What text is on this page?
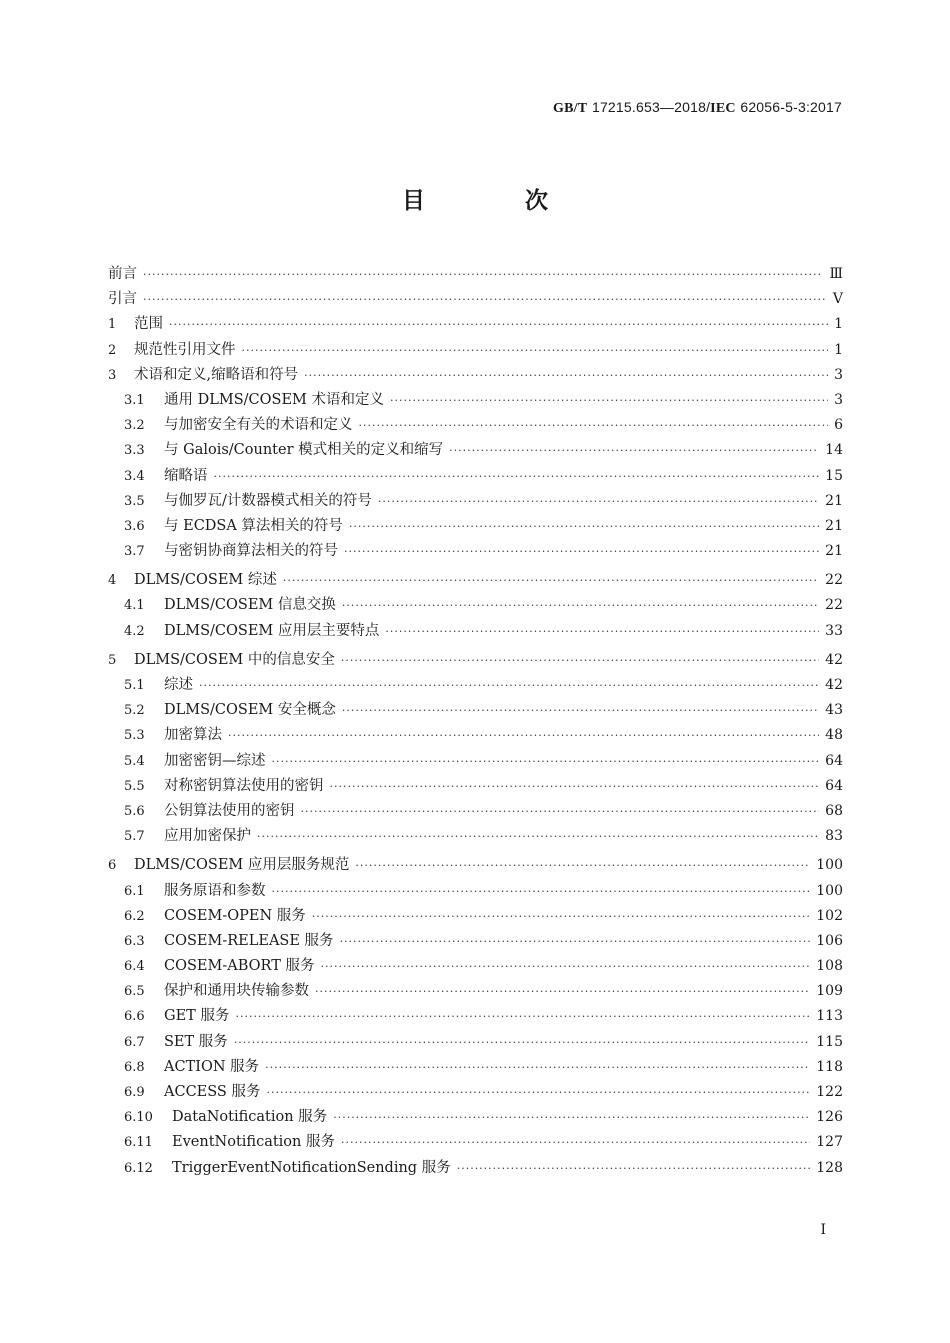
GB/T 17215.653—2018/IEC 62056-5-3:2017
目 次
前言 ·····	Ⅲ
引言 ·····	Ⅴ
1	范围 ·····	1
2	规范性引用文件 ·····	1
3	术语和定义,缩略语和符号 ·····	3
3.1	通用 DLMS/COSEM 术语和定义 ·····	3
3.2	与加密安全有关的术语和定义 ·····	6
3.3	与 Galois/Counter 模式相关的定义和缩写 ·····	14
3.4	缩略语 ·····	15
3.5	与伽罗瓦/计数器模式相关的符号 ·····	21
3.6	与 ECDSA 算法相关的符号 ·····	21
3.7	与密钥协商算法相关的符号 ·····	21
4	DLMS/COSEM 综述 ·····	22
4.1	DLMS/COSEM 信息交换 ·····	22
4.2	DLMS/COSEM 应用层主要特点 ·····	33
5	DLMS/COSEM 中的信息安全 ·····	42
5.1	综述 ·····	42
5.2	DLMS/COSEM 安全概念 ·····	43
5.3	加密算法 ·····	48
5.4	加密密钥—综述 ·····	64
5.5	对称密钥算法使用的密钥 ·····	64
5.6	公钥算法使用的密钥 ·····	68
5.7	应用加密保护 ·····	83
6	DLMS/COSEM 应用层服务规范 ·····	100
6.1	服务原语和参数 ·····	100
6.2	COSEM-OPEN 服务 ·····	102
6.3	COSEM-RELEASE 服务 ·····	106
6.4	COSEM-ABORT 服务 ·····	108
6.5	保护和通用块传输参数 ·····	109
6.6	GET 服务 ·····	113
6.7	SET 服务 ·····	115
6.8	ACTION 服务 ·····	118
6.9	ACCESS 服务 ·····	122
6.10	DataNotification 服务 ·····	126
6.11	EventNotification 服务 ·····	127
6.12	TriggerEventNotificationSending 服务 ·····	128
I
